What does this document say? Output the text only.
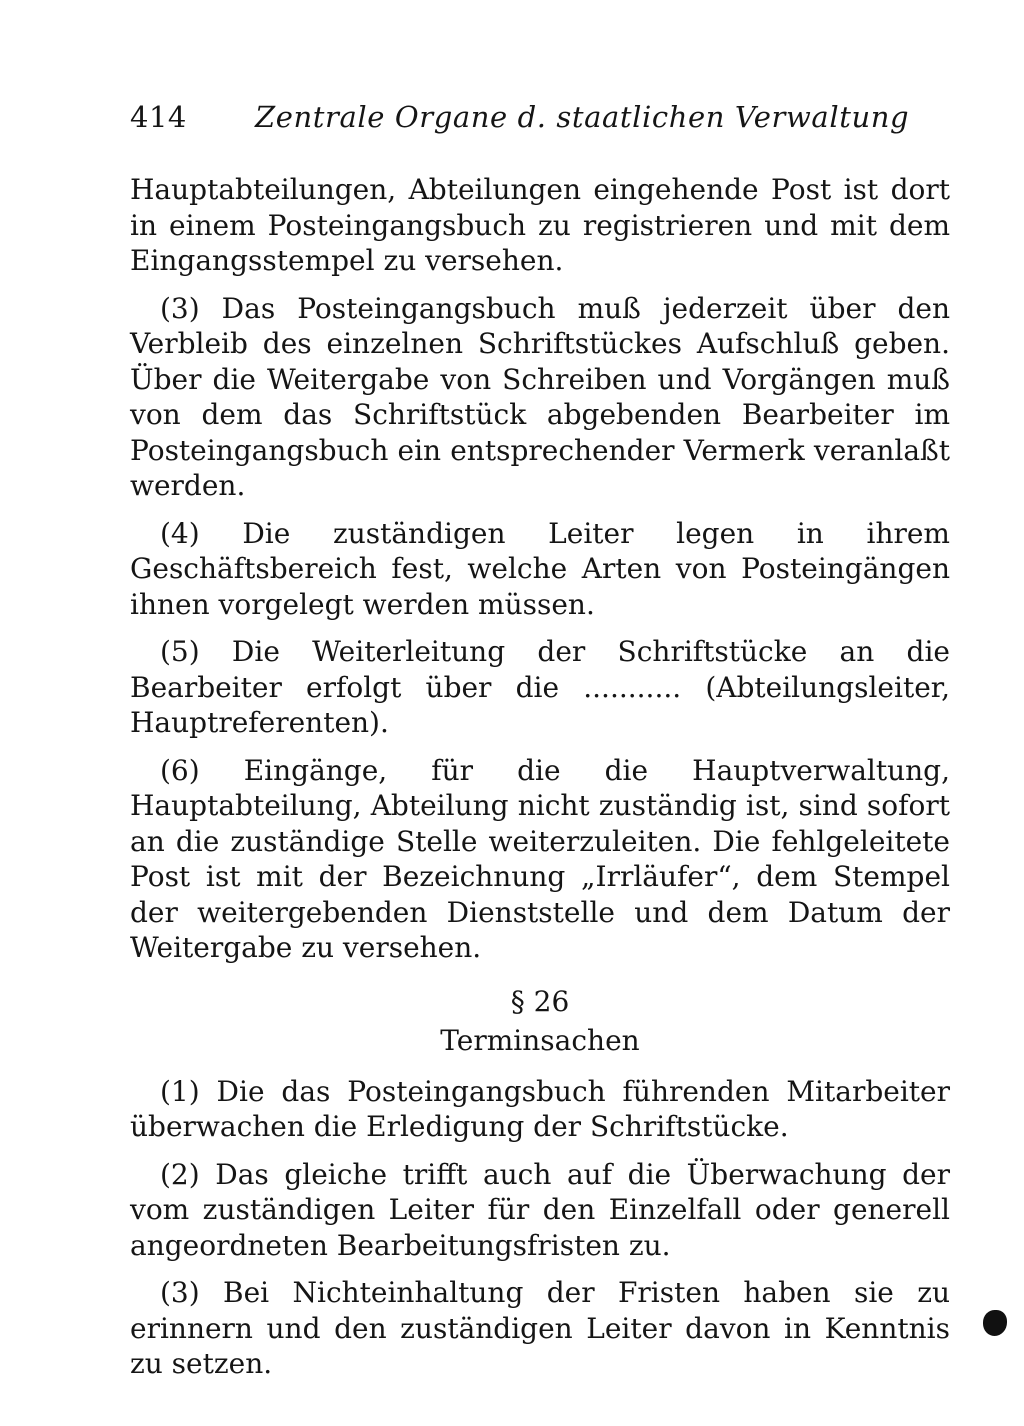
414 Zentrale Organe d. staatlichen Verwaltung

Hauptabteilungen, Abteilungen eingehende Post ist dort in einem Posteingangsbuch zu registrieren und mit dem Eingangsstempel zu versehen.

(3) Das Posteingangsbuch muß jederzeit über den Verbleib des einzelnen Schriftstückes Aufschluß geben. Über die Weitergabe von Schreiben und Vorgängen muß von dem das Schriftstück abgebenden Bearbeiter im Posteingangsbuch ein entsprechender Vermerk veranlaßt werden.

(4) Die zuständigen Leiter legen in ihrem Geschäftsbereich fest, welche Arten von Posteingängen ihnen vorgelegt werden müssen.

(5) Die Weiterleitung der Schriftstücke an die Bearbeiter erfolgt über die ........... (Abteilungsleiter, Hauptreferenten).

(6) Eingänge, für die die Hauptverwaltung, Hauptabteilung, Abteilung nicht zuständig ist, sind sofort an die zuständige Stelle weiterzuleiten. Die fehlgeleitete Post ist mit der Bezeichnung „Irrläufer“, dem Stempel der weitergebenden Dienststelle und dem Datum der Weitergabe zu versehen.

§ 26
Terminsachen

(1) Die das Posteingangsbuch führenden Mitarbeiter überwachen die Erledigung der Schriftstücke.

(2) Das gleiche trifft auch auf die Überwachung der vom zuständigen Leiter für den Einzelfall oder generell angeordneten Bearbeitungsfristen zu.

(3) Bei Nichteinhaltung der Fristen haben sie zu erinnern und den zuständigen Leiter davon in Kenntnis zu setzen.
